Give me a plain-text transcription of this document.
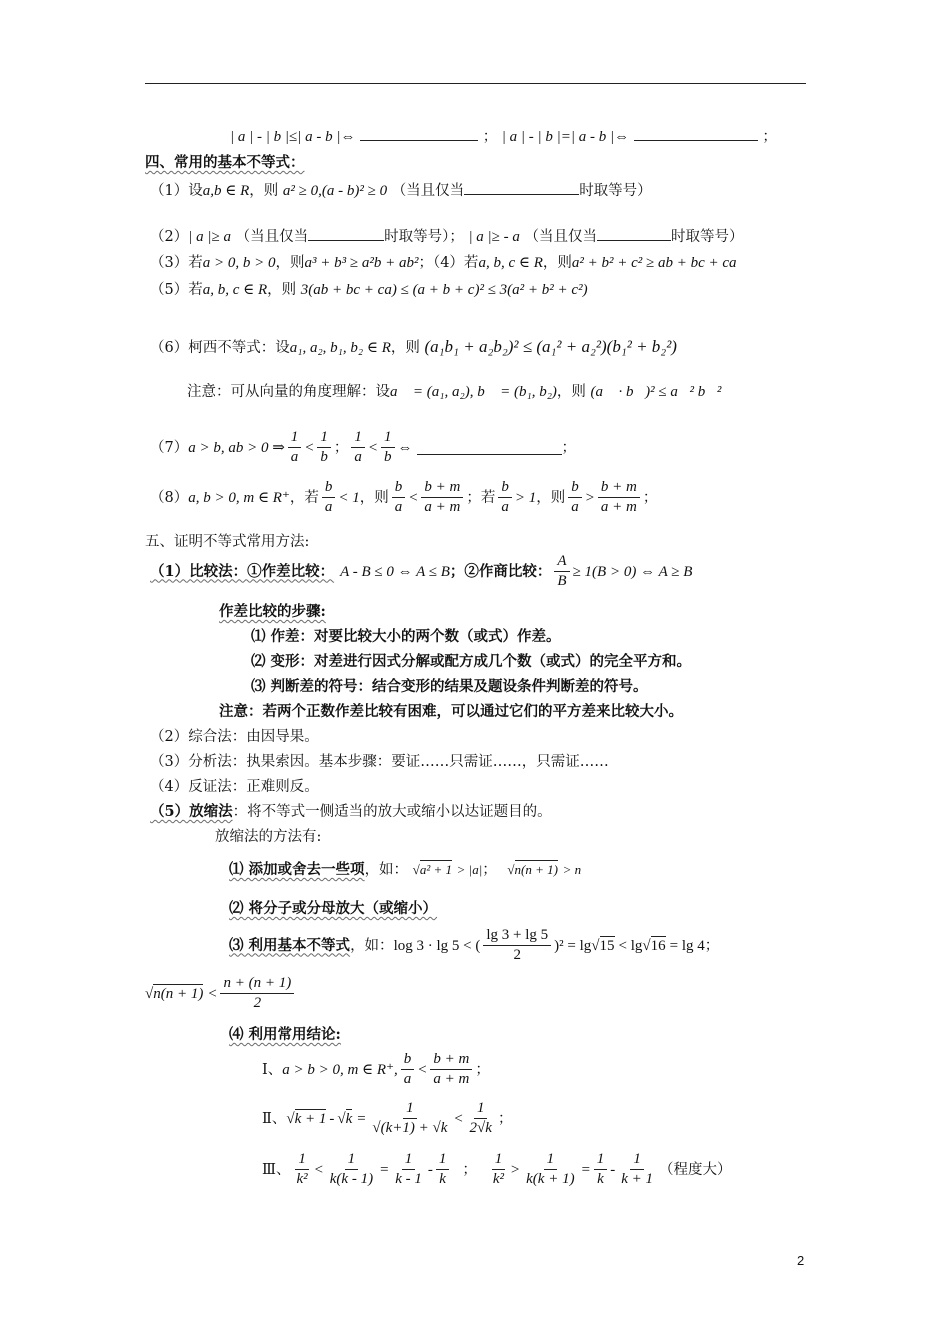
| a | - | b |≤| a - b |⇔	； | a | - | b |=| a - b |⇔	；
四、常用的基本不等式：
（1）设a,b ∈ R，则 a² ≥ 0,(a - b)² ≥ 0 （当且仅当	时取等号）
（2）| a |≥ a （当且仅当	时取等号）； | a |≥ - a （当且仅当	时取等号）
（3）若a > 0, b > 0，则a³ + b³ ≥ a²b + ab²；（4）若a, b, c ∈ R，则a² + b² + c² ≥ ab + bc + ca
（5）若a, b, c ∈ R，则 3(ab + bc + ca) ≤ (a + b + c)² ≤ 3(a² + b² + c²)
（6）柯西不等式：设a₁, a₂, b₁, b₂ ∈ R，则 (a₁b₁ + a₂b₂)² ≤ (a₁² + a₂²)(b₁² + b₂²)
注意：可从向量的角度理解：设a⃗ = (a₁, a₂), b⃗ = (b₁, b₂)，则 (a⃗ · b⃗)² ≤ a⃗² b⃗²
（7） a > b, ab > 0 ⇒ $\frac{1}{a} < \frac{1}{b}$ ； $\frac{1}{a} < \frac{1}{b}$ ⇔	；
（8） a, b > 0, m ∈ R⁺ ，若 $\frac{b}{a} < 1$ ，则 $\frac{b}{a} < \frac{b + m}{a + m}$ ；若 $\frac{b}{a} > 1$ ，则 $\frac{b}{a} > \frac{b + m}{a + m}$ ；
五、证明不等式常用方法:
（1）比较法：①作差比较： A - B ≤ 0 ⇔ A ≤ B ；②作商比较： $\frac{A}{B} \ge 1(B > 0)$ ⇔ A ≥ B
作差比较的步骤:
⑴ 作差：对要比较大小的两个数（或式）作差。
⑵ 变形：对差进行因式分解或配方成几个数（或式）的完全平方和。
⑶ 判断差的符号：结合变形的结果及题设条件判断差的符号。
注意：若两个正数作差比较有困难，可以通过它们的平方差来比较大小。
（2）综合法：由因导果。
（3）分析法：执果索因。基本步骤：要证……只需证……，只需证……
（4）反证法：正难则反。
（5）放缩法：将不等式一侧适当的放大或缩小以达证题目的。
放缩法的方法有:
⑴ 添加或舍去一些项，如： √a² + 1 > |a|； √n(n + 1) > n
⑵ 将分子或分母放大（或缩小）
⑶ 利用基本不等式 ，如： log 3 · lg 5 < ( $\frac{\lg 3 + \lg 5}{2} )^2 = \lg √15 < \lg √16 = \lg 4$ ；
$√n(n + 1) < \frac{n + (n + 1)}{2}$
⑷ 利用常用结论:
Ⅰ、 a > b > 0, m ∈ R⁺, $\frac{b}{a} < \frac{b + m}{a + m}$ ；
Ⅱ、 $√k + 1 - √k = \frac{1}{√(k+1) + √k} < \frac{1}{2√k}$ ；
Ⅲ、 $\frac{1}{\text{k²}} < \frac{1}{k(k - 1)} = \frac{1}{k - 1} - \frac{1}{k}$ ； $\frac{1}{\text{k²}} > \frac{1}{k(k + 1)} = \frac{1}{k} - \frac{1}{k + 1}$ （程度大）
2
